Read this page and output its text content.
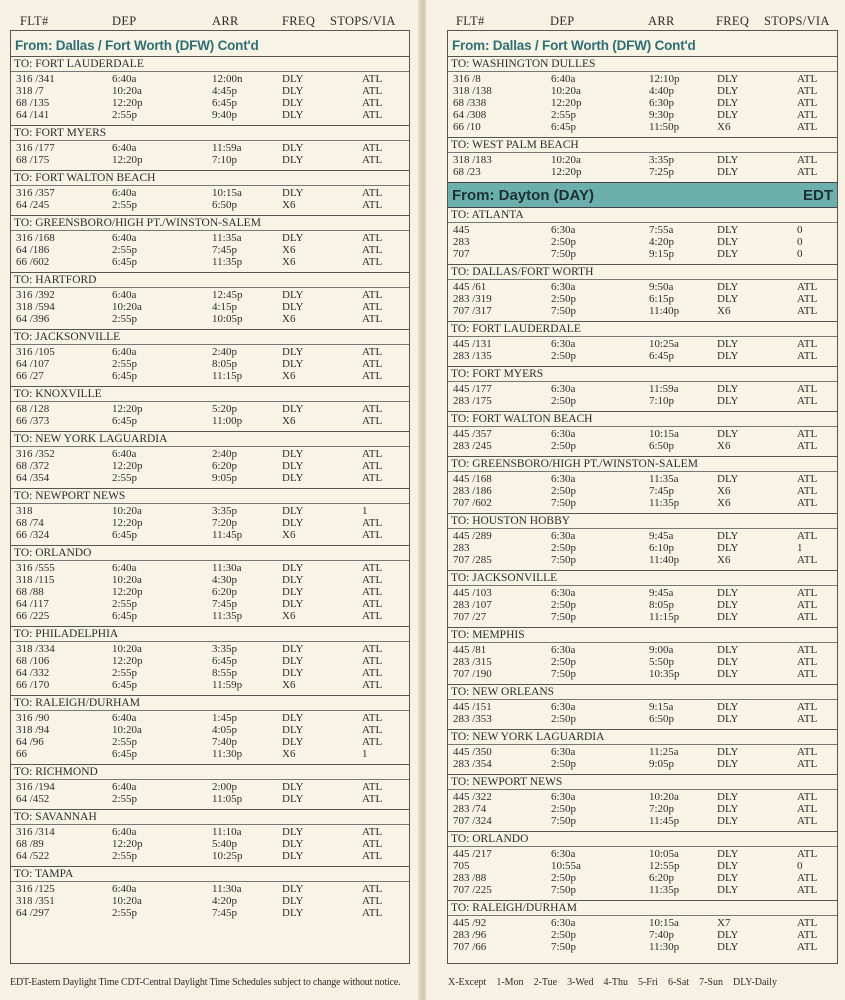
FLT#	DEP	ARR	FREQ STOPS/VIA
From: Dallas / Fort Worth (DFW) Cont'd
TO: FORT LAUDERDALE
316 /341	6:40a	12:00n	DLY	ATL
318 /7	10:20a	4:45p	DLY	ATL
68 /135	12:20p	6:45p	DLY	ATL
64 /141	2:55p	9:40p	DLY	ATL
TO: FORT MYERS
316 /177	6:40a	11:59a	DLY	ATL
68 /175	12:20p	7:10p	DLY	ATL
TO: FORT WALTON BEACH
316 /357	6:40a	10:15a	DLY	ATL
64 /245	2:55p	6:50p	X6	ATL
TO: GREENSBORO/HIGH PT./WINSTON-SALEM
316 /168	6:40a	11:35a	DLY	ATL
64 /186	2:55p	7:45p	X6	ATL
66 /602	6:45p	11:35p	X6	ATL
TO: HARTFORD
316 /392	6:40a	12:45p	DLY	ATL
318 /594	10:20a	4:15p	DLY	ATL
64 /396	2:55p	10:05p	X6	ATL
TO: JACKSONVILLE
316 /105	6:40a	2:40p	DLY	ATL
64 /107	2:55p	8:05p	DLY	ATL
66 /27	6:45p	11:15p	X6	ATL
TO: KNOXVILLE
68 /128	12:20p	5:20p	DLY	ATL
66 /373	6:45p	11:00p	X6	ATL
TO: NEW YORK LAGUARDIA
316 /352	6:40a	2:40p	DLY	ATL
68 /372	12:20p	6:20p	DLY	ATL
64 /354	2:55p	9:05p	DLY	ATL
TO: NEWPORT NEWS
318	10:20a	3:35p	DLY	1
68 /74	12:20p	7:20p	DLY	ATL
66 /324	6:45p	11:45p	X6	ATL
TO: ORLANDO
316 /555	6:40a	11:30a	DLY	ATL
318 /115	10:20a	4:30p	DLY	ATL
68 /88	12:20p	6:20p	DLY	ATL
64 /117	2:55p	7:45p	DLY	ATL
66 /225	6:45p	11:35p	X6	ATL
TO: PHILADELPHIA
318 /334	10:20a	3:35p	DLY	ATL
68 /106	12:20p	6:45p	DLY	ATL
64 /332	2:55p	8:55p	DLY	ATL
66 /170	6:45p	11:59p	X6	ATL
TO: RALEIGH/DURHAM
316 /90	6:40a	1:45p	DLY	ATL
318 /94	10:20a	4:05p	DLY	ATL
64 /96	2:55p	7:40p	DLY	ATL
66	6:45p	11:30p	X6	1
TO: RICHMOND
316 /194	6:40a	2:00p	DLY	ATL
64 /452	2:55p	11:05p	DLY	ATL
TO: SAVANNAH
316 /314	6:40a	11:10a	DLY	ATL
68 /89	12:20p	5:40p	DLY	ATL
64 /522	2:55p	10:25p	DLY	ATL
TO: TAMPA
316 /125	6:40a	11:30a	DLY	ATL
318 /351	10:20a	4:20p	DLY	ATL
64 /297	2:55p	7:45p	DLY	ATL
EDT-Eastern Daylight Time CDT-Central Daylight Time Schedules subject to change without notice.
FLT#	DEP	ARR	FREQ STOPS/VIA
From: Dallas / Fort Worth (DFW) Cont'd
TO: WASHINGTON DULLES
316 /8	6:40a	12:10p	DLY	ATL
318 /138	10:20a	4:40p	DLY	ATL
68 /338	12:20p	6:30p	DLY	ATL
64 /308	2:55p	9:30p	DLY	ATL
66 /10	6:45p	11:50p	X6	ATL
TO: WEST PALM BEACH
318 /183	10:20a	3:35p	DLY	ATL
68 /23	12:20p	7:25p	DLY	ATL
From: Dayton (DAY)	EDT
TO: ATLANTA
445	6:30a	7:55a	DLY	0
283	2:50p	4:20p	DLY	0
707	7:50p	9:15p	DLY	0
TO: DALLAS/FORT WORTH
445 /61	6:30a	9:50a	DLY	ATL
283 /319	2:50p	6:15p	DLY	ATL
707 /317	7:50p	11:40p	X6	ATL
TO: FORT LAUDERDALE
445 /131	6:30a	10:25a	DLY	ATL
283 /135	2:50p	6:45p	DLY	ATL
TO: FORT MYERS
445 /177	6:30a	11:59a	DLY	ATL
283 /175	2:50p	7:10p	DLY	ATL
TO: FORT WALTON BEACH
445 /357	6:30a	10:15a	DLY	ATL
283 /245	2:50p	6:50p	X6	ATL
TO: GREENSBORO/HIGH PT./WINSTON-SALEM
445 /168	6:30a	11:35a	DLY	ATL
283 /186	2:50p	7:45p	X6	ATL
707 /602	7:50p	11:35p	X6	ATL
TO: HOUSTON HOBBY
445 /289	6:30a	9:45a	DLY	ATL
283	2:50p	6:10p	DLY	1
707 /285	7:50p	11:40p	X6	ATL
TO: JACKSONVILLE
445 /103	6:30a	9:45a	DLY	ATL
283 /107	2:50p	8:05p	DLY	ATL
707 /27	7:50p	11:15p	DLY	ATL
TO: MEMPHIS
445 /81	6:30a	9:00a	DLY	ATL
283 /315	2:50p	5:50p	DLY	ATL
707 /190	7:50p	10:35p	DLY	ATL
TO: NEW ORLEANS
445 /151	6:30a	9:15a	DLY	ATL
283 /353	2:50p	6:50p	DLY	ATL
TO: NEW YORK LAGUARDIA
445 /350	6:30a	11:25a	DLY	ATL
283 /354	2:50p	9:05p	DLY	ATL
TO: NEWPORT NEWS
445 /322	6:30a	10:20a	DLY	ATL
283 /74	2:50p	7:20p	DLY	ATL
707 /324	7:50p	11:45p	DLY	ATL
TO: ORLANDO
445 /217	6:30a	10:05a	DLY	ATL
705	10:55a	12:55p	DLY	0
283 /88	2:50p	6:20p	DLY	ATL
707 /225	7:50p	11:35p	DLY	ATL
TO: RALEIGH/DURHAM
445 /92	6:30a	10:15a	X7	ATL
283 /96	2:50p	7:40p	DLY	ATL
707 /66	7:50p	11:30p	DLY	ATL
X-Except 1-Mon 2-Tue 3-Wed 4-Thu 5-Fri 6-Sat 7-Sun DLY-Daily
